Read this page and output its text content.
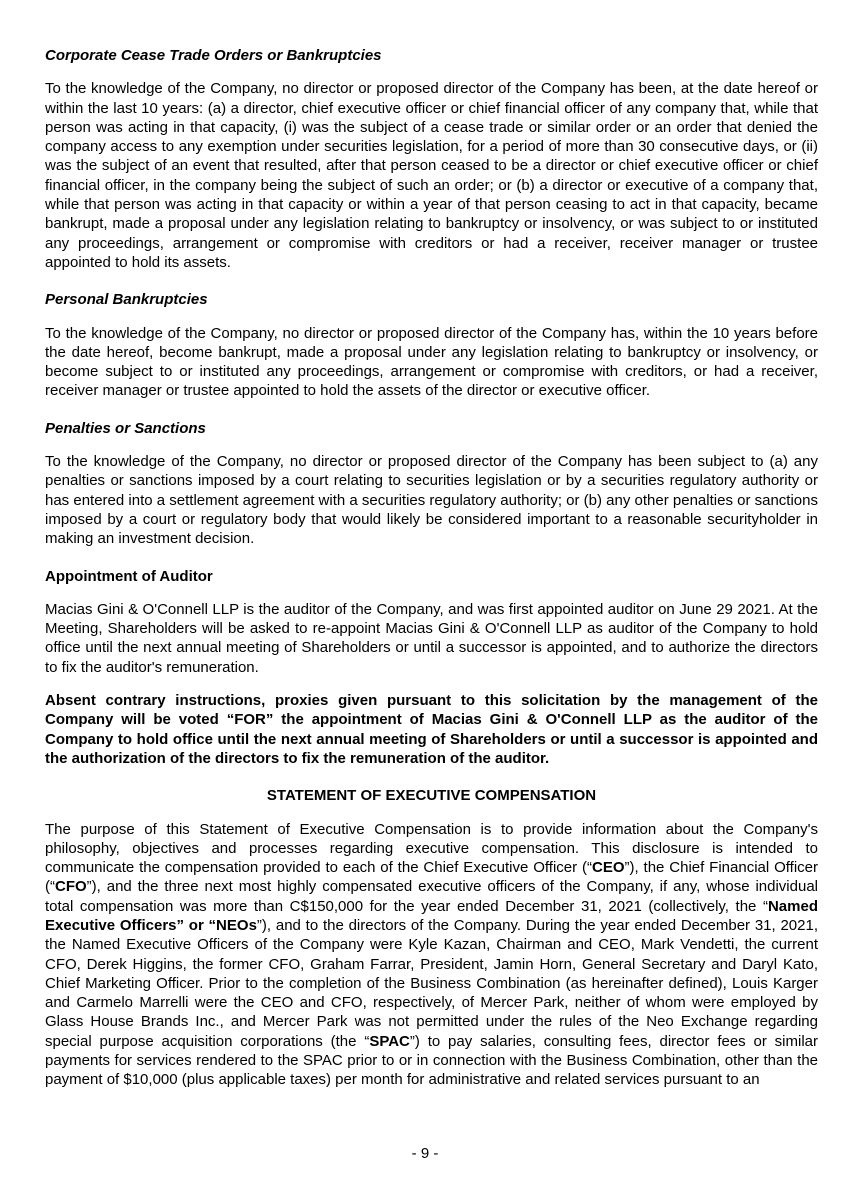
Corporate Cease Trade Orders or Bankruptcies

To the knowledge of the Company, no director or proposed director of the Company has been, at the date hereof or within the last 10 years: (a) a director, chief executive officer or chief financial officer of any company that, while that person was acting in that capacity, (i) was the subject of a cease trade or similar order or an order that denied the company access to any exemption under securities legislation, for a period of more than 30 consecutive days, or (ii) was the subject of an event that resulted, after that person ceased to be a director or chief executive officer or chief financial officer, in the company being the subject of such an order; or (b) a director or executive of a company that, while that person was acting in that capacity or within a year of that person ceasing to act in that capacity, became bankrupt, made a proposal under any legislation relating to bankruptcy or insolvency, or was subject to or instituted any proceedings, arrangement or compromise with creditors or had a receiver, receiver manager or trustee appointed to hold its assets.

Personal Bankruptcies

To the knowledge of the Company, no director or proposed director of the Company has, within the 10 years before the date hereof, become bankrupt, made a proposal under any legislation relating to bankruptcy or insolvency, or become subject to or instituted any proceedings, arrangement or compromise with creditors, or had a receiver, receiver manager or trustee appointed to hold the assets of the director or executive officer.

Penalties or Sanctions

To the knowledge of the Company, no director or proposed director of the Company has been subject to (a) any penalties or sanctions imposed by a court relating to securities legislation or by a securities regulatory authority or has entered into a settlement agreement with a securities regulatory authority; or (b) any other penalties or sanctions imposed by a court or regulatory body that would likely be considered important to a reasonable securityholder in making an investment decision.

Appointment of Auditor

Macias Gini & O'Connell LLP is the auditor of the Company, and was first appointed auditor on June 29 2021. At the Meeting, Shareholders will be asked to re-appoint Macias Gini & O'Connell LLP as auditor of the Company to hold office until the next annual meeting of Shareholders or until a successor is appointed, and to authorize the directors to fix the auditor's remuneration.

Absent contrary instructions, proxies given pursuant to this solicitation by the management of the Company will be voted “FOR” the appointment of Macias Gini & O'Connell LLP as the auditor of the Company to hold office until the next annual meeting of Shareholders or until a successor is appointed and the authorization of the directors to fix the remuneration of the auditor.

STATEMENT OF EXECUTIVE COMPENSATION

The purpose of this Statement of Executive Compensation is to provide information about the Company's philosophy, objectives and processes regarding executive compensation. This disclosure is intended to communicate the compensation provided to each of the Chief Executive Officer (“CEO”), the Chief Financial Officer (“CFO”), and the three next most highly compensated executive officers of the Company, if any, whose individual total compensation was more than C$150,000 for the year ended December 31, 2021 (collectively, the “Named Executive Officers” or “NEOs”), and to the directors of the Company. During the year ended December 31, 2021, the Named Executive Officers of the Company were Kyle Kazan, Chairman and CEO, Mark Vendetti, the current CFO, Derek Higgins, the former CFO, Graham Farrar, President, Jamin Horn, General Secretary and Daryl Kato, Chief Marketing Officer. Prior to the completion of the Business Combination (as hereinafter defined), Louis Karger and Carmelo Marrelli were the CEO and CFO, respectively, of Mercer Park, neither of whom were employed by Glass House Brands Inc., and Mercer Park was not permitted under the rules of the Neo Exchange regarding special purpose acquisition corporations (the “SPAC”) to pay salaries, consulting fees, director fees or similar payments for services rendered to the SPAC prior to or in connection with the Business Combination, other than the payment of $10,000 (plus applicable taxes) per month for administrative and related services pursuant to an

- 9 -
